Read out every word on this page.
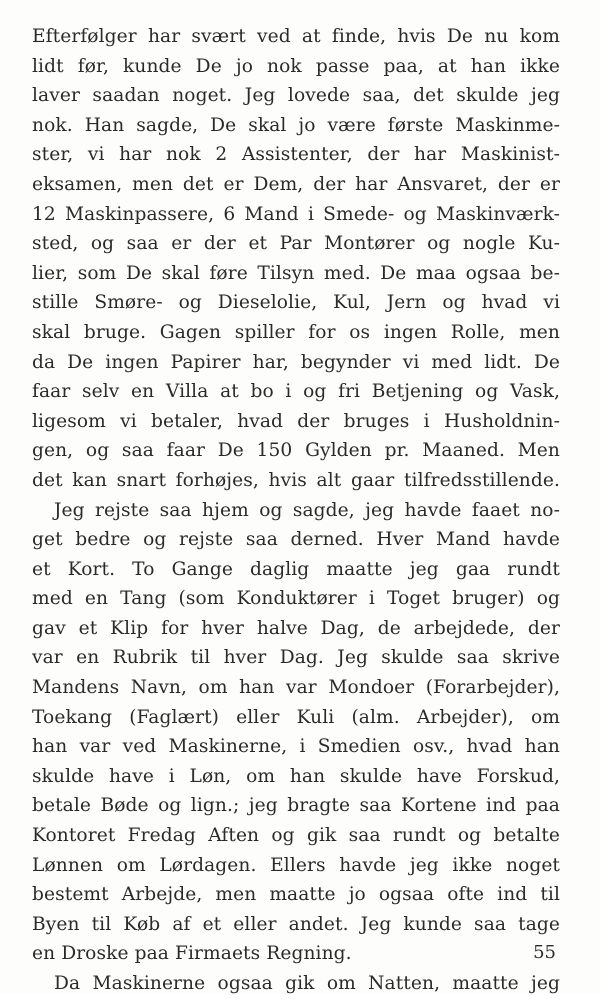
Efterfølger har svært ved at finde, hvis De nu kom
lidt før, kunde De jo nok passe paa, at han ikke
laver saadan noget. Jeg lovede saa, det skulde jeg
nok. Han sagde, De skal jo være første Maskinme-
ster, vi har nok 2 Assistenter, der har Maskinist-
eksamen, men det er Dem, der har Ansvaret, der er
12 Maskinpassere, 6 Mand i Smede- og Maskinværk-
sted, og saa er der et Par Montører og nogle Ku-
lier, som De skal føre Tilsyn med. De maa ogsaa be-
stille Smøre- og Dieselolie, Kul, Jern og hvad vi
skal bruge. Gagen spiller for os ingen Rolle, men
da De ingen Papirer har, begynder vi med lidt. De
faar selv en Villa at bo i og fri Betjening og Vask,
ligesom vi betaler, hvad der bruges i Husholdnin-
gen, og saa faar De 150 Gylden pr. Maaned. Men
det kan snart forhøjes, hvis alt gaar tilfredsstillende.
Jeg rejste saa hjem og sagde, jeg havde faaet no-
get bedre og rejste saa derned. Hver Mand havde
et Kort. To Gange daglig maatte jeg gaa rundt
med en Tang (som Konduktører i Toget bruger) og
gav et Klip for hver halve Dag, de arbejdede, der
var en Rubrik til hver Dag. Jeg skulde saa skrive
Mandens Navn, om han var Mondoer (Forarbejder),
Toekang (Faglært) eller Kuli (alm. Arbejder), om
han var ved Maskinerne, i Smedien osv., hvad han
skulde have i Løn, om han skulde have Forskud,
betale Bøde og lign.; jeg bragte saa Kortene ind paa
Kontoret Fredag Aften og gik saa rundt og betalte
Lønnen om Lørdagen. Ellers havde jeg ikke noget
bestemt Arbejde, men maatte jo ogsaa ofte ind til
Byen til Køb af et eller andet. Jeg kunde saa tage
en Droske paa Firmaets Regning.
Da Maskinerne ogsaa gik om Natten, maatte jeg
55
